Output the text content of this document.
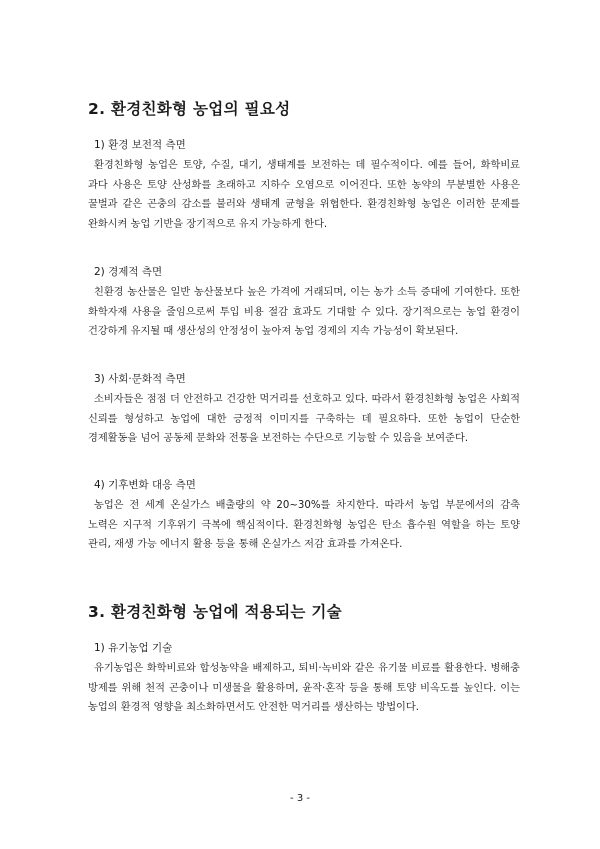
2. 환경친화형 농업의 필요성

1) 환경 보전적 측면

환경친화형 농업은 토양, 수질, 대기, 생태계를 보전하는 데 필수적이다. 예를 들어, 화학비료 과다 사용은 토양 산성화를 초래하고 지하수 오염으로 이어진다. 또한 농약의 무분별한 사용은 꿀벌과 같은 곤충의 감소를 불러와 생태계 균형을 위협한다. 환경친화형 농업은 이러한 문제를 완화시켜 농업 기반을 장기적으로 유지 가능하게 한다.

2) 경제적 측면

친환경 농산물은 일반 농산물보다 높은 가격에 거래되며, 이는 농가 소득 증대에 기여한다. 또한 화학자재 사용을 줄임으로써 투입 비용 절감 효과도 기대할 수 있다. 장기적으로는 농업 환경이 건강하게 유지될 때 생산성의 안정성이 높아져 농업 경제의 지속 가능성이 확보된다.

3) 사회·문화적 측면

소비자들은 점점 더 안전하고 건강한 먹거리를 선호하고 있다. 따라서 환경친화형 농업은 사회적 신뢰를 형성하고 농업에 대한 긍정적 이미지를 구축하는 데 필요하다. 또한 농업이 단순한 경제활동을 넘어 공동체 문화와 전통을 보전하는 수단으로 기능할 수 있음을 보여준다.

4) 기후변화 대응 측면

농업은 전 세계 온실가스 배출량의 약 20~30%를 차지한다. 따라서 농업 부문에서의 감축 노력은 지구적 기후위기 극복에 핵심적이다. 환경친화형 농업은 탄소 흡수원 역할을 하는 토양 관리, 재생 가능 에너지 활용 등을 통해 온실가스 저감 효과를 가져온다.

3. 환경친화형 농업에 적용되는 기술

1) 유기농업 기술

유기농업은 화학비료와 합성농약을 배제하고, 퇴비·녹비와 같은 유기물 비료를 활용한다. 병해충 방제를 위해 천적 곤충이나 미생물을 활용하며, 윤작·혼작 등을 통해 토양 비옥도를 높인다. 이는 농업의 환경적 영향을 최소화하면서도 안전한 먹거리를 생산하는 방법이다.

- 3 -
